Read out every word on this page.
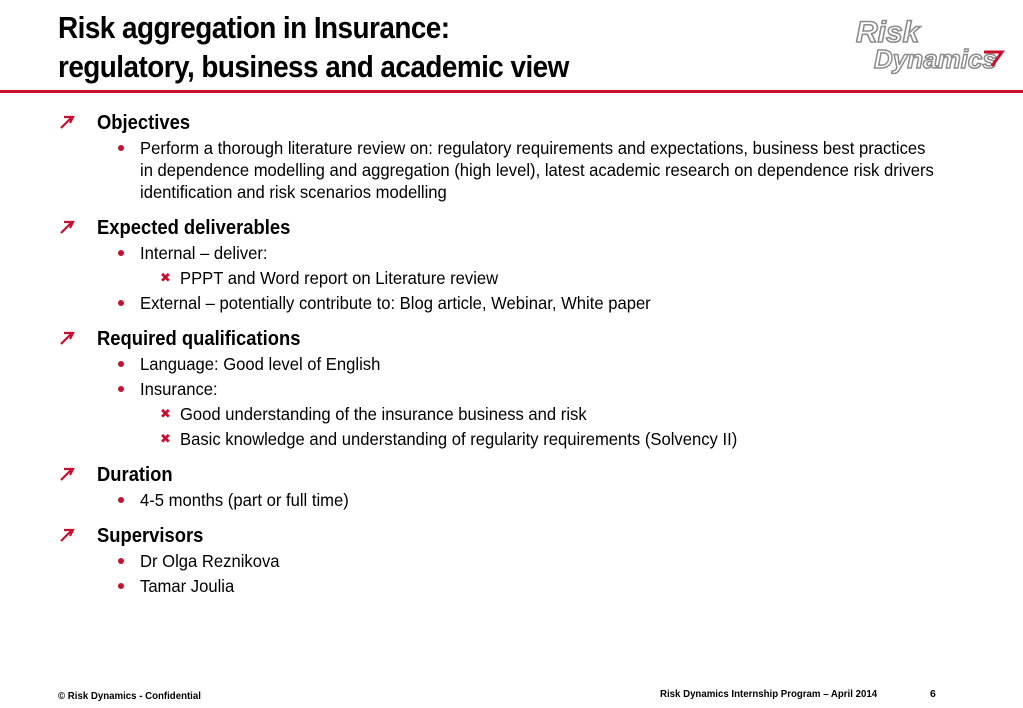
Risk aggregation in Insurance:
regulatory, business and academic view
Risk
Dynamics
Objectives
Perform a thorough literature review on: regulatory requirements and expectations, business best practices in dependence modelling and aggregation (high level), latest academic research on dependence risk drivers identification and risk scenarios modelling
Expected deliverables
Internal – deliver:
✖ PPPT and Word report on Literature review
External – potentially contribute to: Blog article, Webinar, White paper
Required qualifications
Language: Good level of English
Insurance:
✖ Good understanding of the insurance business and risk
✖ Basic knowledge and understanding of regularity requirements (Solvency II)
Duration
4-5 months (part or full time)
Supervisors
Dr Olga Reznikova
Tamar Joulia
© Risk Dynamics - Confidential	Risk Dynamics Internship Program – April 2014	6
